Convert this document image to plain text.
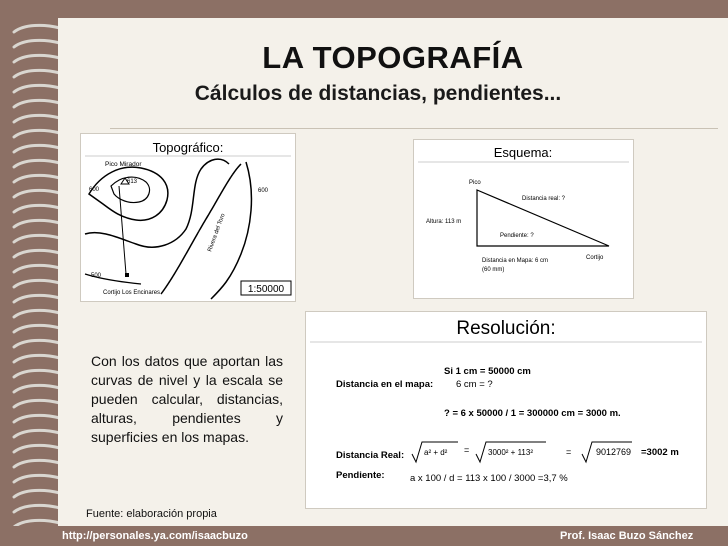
LA TOPOGRAFÍA
Cálculos de distancias, pendientes...
Topográfico:
Pico Mirador
613
600	600
500
Rivera del Toro
Cortijo Los Encinares	1:50000
Esquema:
Pico
Distancia real: ?
Altura: 113 m
Pendiente: ?
Distancia en Mapa: 6 cm
(60 mm)
Cortijo
Con los datos que aportan las curvas de nivel y la escala se pueden calcular, distancias, alturas, pendientes y superficies en los mapas.
Resolución:
Si 1 cm = 50000 cm
Distancia en el mapa: 6 cm = ?
? = 6 x 50000 / 1 = 300000 cm = 3000 m.
Distancia Real: a² + d² = 3000² + 113²	=	9012769 =3002 m
Pendiente:	a x 100 / d = 113 x 100 / 3000 =3,7 %
Fuente: elaboración propia
http://personales.ya.com/isaacbuzo	Prof. Isaac Buzo Sánchez
